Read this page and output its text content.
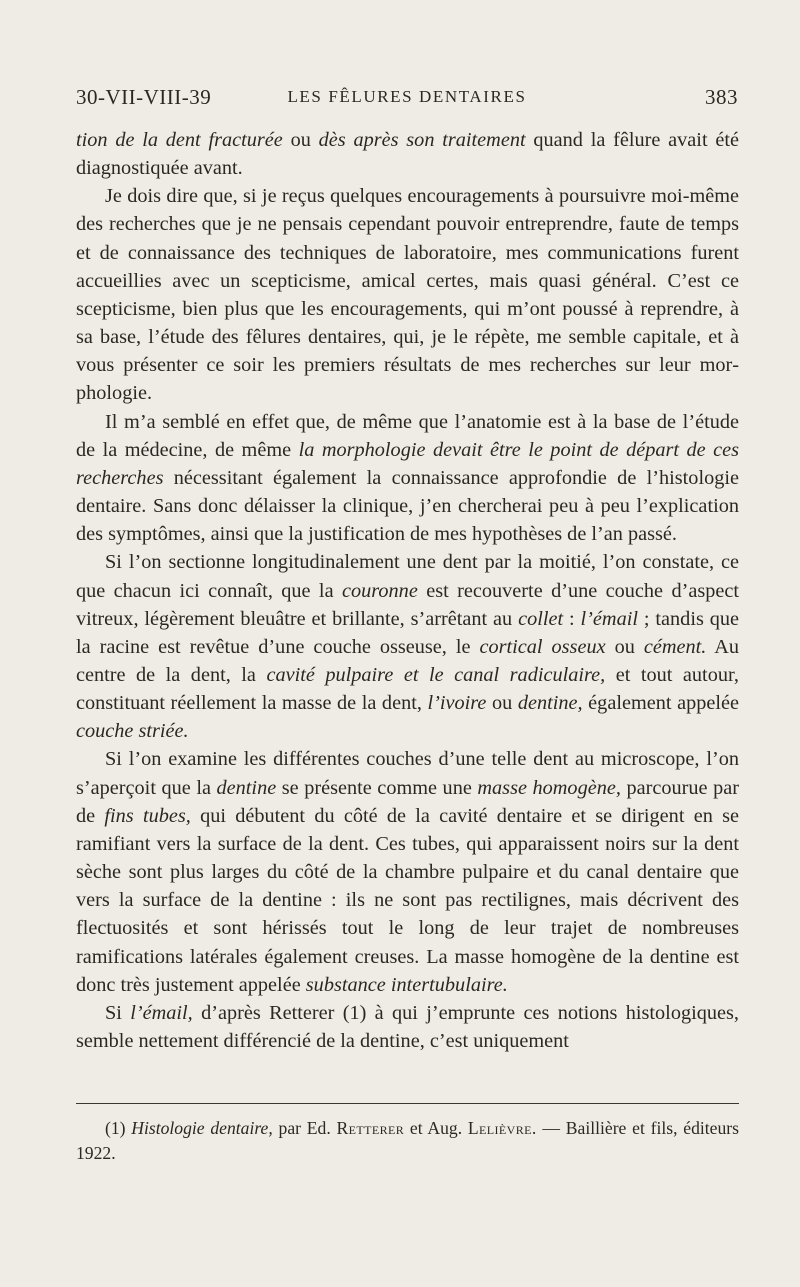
30-VII-VIII-39	LES FÊLURES DENTAIRES	383

tion de la dent fracturée ou dès après son traitement quand la fêlure avait été diagnostiquée avant.

Je dois dire que, si je reçus quelques encouragements à poursuivre moi-même des recherches que je ne pensais cependant pouvoir entreprendre, faute de temps et de connaissance des techniques de laboratoire, mes communications furent accueillies avec un scepticisme, amical certes, mais quasi général. C’est ce scepticisme, bien plus que les encouragements, qui m’ont poussé à reprendre, à sa base, l’étude des fêlures dentaires, qui, je le répète, me semble capitale, et à vous présenter ce soir les premiers résultats de mes recherches sur leur morphologie.

Il m’a semblé en effet que, de même que l’anatomie est à la base de l’étude de la médecine, de même la morphologie devait être le point de départ de ces recherches nécessitant également la connaissance approfondie de l’histologie dentaire. Sans donc délaisser la clinique, j’en chercherai peu à peu l’explication des symptômes, ainsi que la justification de mes hypothèses de l’an passé.

Si l’on sectionne longitudinalement une dent par la moitié, l’on constate, ce que chacun ici connaît, que la couronne est recouverte d’une couche d’aspect vitreux, légèrement bleuâtre et brillante, s’arrêtant au collet : l’émail ; tandis que la racine est revêtue d’une couche osseuse, le cortical osseux ou cément. Au centre de la dent, la cavité pulpaire et le canal radiculaire, et tout autour, constituant réellement la masse de la dent, l’ivoire ou dentine, également appelée couche striée.

Si l’on examine les différentes couches d’une telle dent au microscope, l’on s’aperçoit que la dentine se présente comme une masse homogène, parcourue par de fins tubes, qui débutent du côté de la cavité dentaire et se dirigent en se ramifiant vers la surface de la dent. Ces tubes, qui apparaissent noirs sur la dent sèche sont plus larges du côté de la chambre pulpaire et du canal dentaire que vers la surface de la dentine : ils ne sont pas rectilignes, mais décrivent des flectuosités et sont hérissés tout le long de leur trajet de nombreuses ramifications latérales également creuses. La masse homogène de la dentine est donc très justement appelée substance intertubulaire.

Si l’émail, d’après Retterer (1) à qui j’emprunte ces notions histologiques, semble nettement différencié de la dentine, c’est uniquement

(1) Histologie dentaire, par Ed. Retterer et Aug. Lelièvre. — Baillière et fils, éditeurs 1922.
